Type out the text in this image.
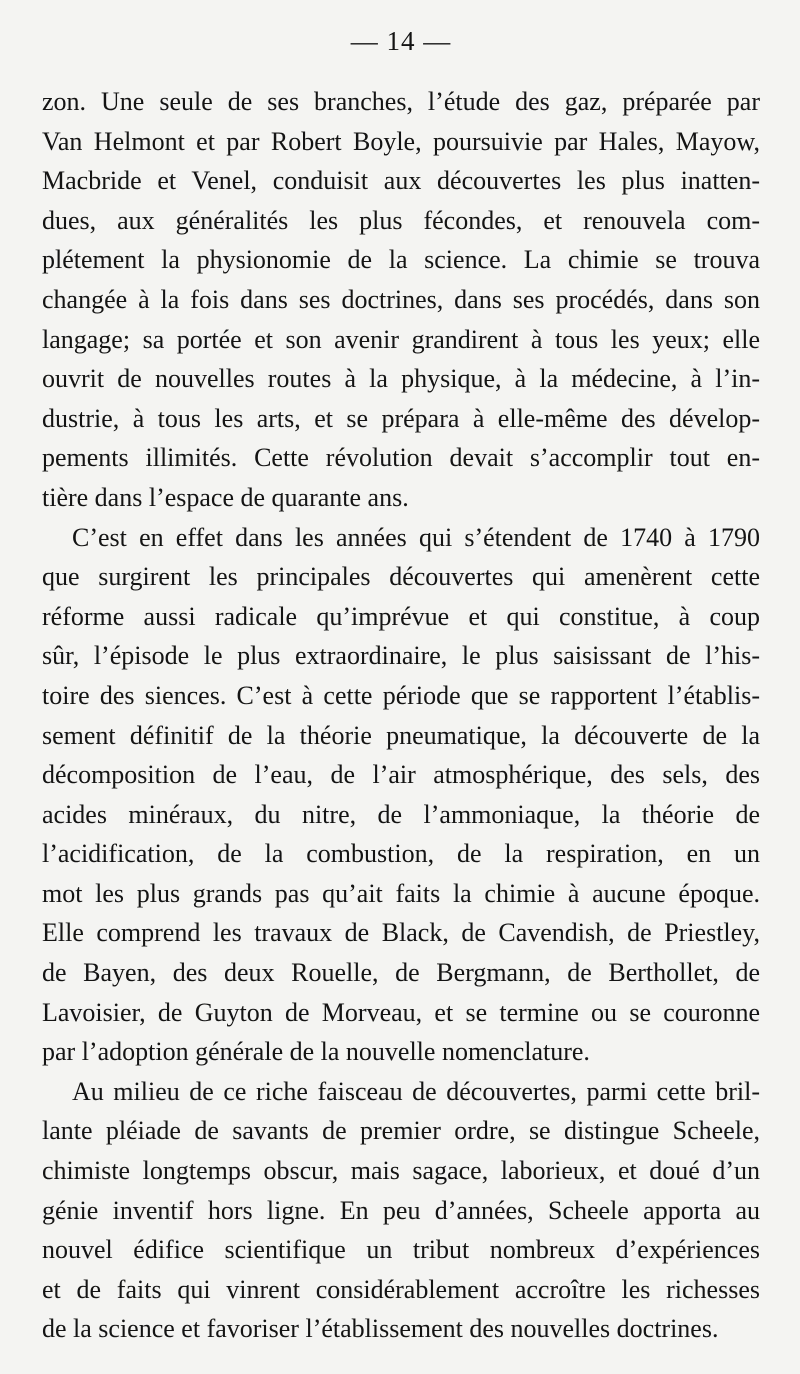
— 14 —

zon. Une seule de ses branches, l’étude des gaz, préparée par
Van Helmont et par Robert Boyle, poursuivie par Hales, Mayow,
Macbride et Venel, conduisit aux découvertes les plus inatten-
dues, aux généralités les plus fécondes, et renouvela com-
plétement la physionomie de la science. La chimie se trouva
changée à la fois dans ses doctrines, dans ses procédés, dans son
langage; sa portée et son avenir grandirent à tous les yeux; elle
ouvrit de nouvelles routes à la physique, à la médecine, à l’in-
dustrie, à tous les arts, et se prépara à elle-même des dévelop-
pements illimités. Cette révolution devait s’accomplir tout en-
tière dans l’espace de quarante ans.

C’est en effet dans les années qui s’étendent de 1740 à 1790
que surgirent les principales découvertes qui amenèrent cette
réforme aussi radicale qu’imprévue et qui constitue, à coup
sûr, l’épisode le plus extraordinaire, le plus saisissant de l’his-
toire des siences. C’est à cette période que se rapportent l’établis-
sement définitif de la théorie pneumatique, la découverte de la
décomposition de l’eau, de l’air atmosphérique, des sels, des
acides minéraux, du nitre, de l’ammoniaque, la théorie de
l’acidification, de la combustion, de la respiration, en un
mot les plus grands pas qu’ait faits la chimie à aucune époque.
Elle comprend les travaux de Black, de Cavendish, de Priestley,
de Bayen, des deux Rouelle, de Bergmann, de Berthollet, de
Lavoisier, de Guyton de Morveau, et se termine ou se couronne
par l’adoption générale de la nouvelle nomenclature.

Au milieu de ce riche faisceau de découvertes, parmi cette bril-
lante pléiade de savants de premier ordre, se distingue Scheele,
chimiste longtemps obscur, mais sagace, laborieux, et doué d’un
génie inventif hors ligne. En peu d’années, Scheele apporta au
nouvel édifice scientifique un tribut nombreux d’expériences
et de faits qui vinrent considérablement accroître les richesses
de la science et favoriser l’établissement des nouvelles doctrines.
